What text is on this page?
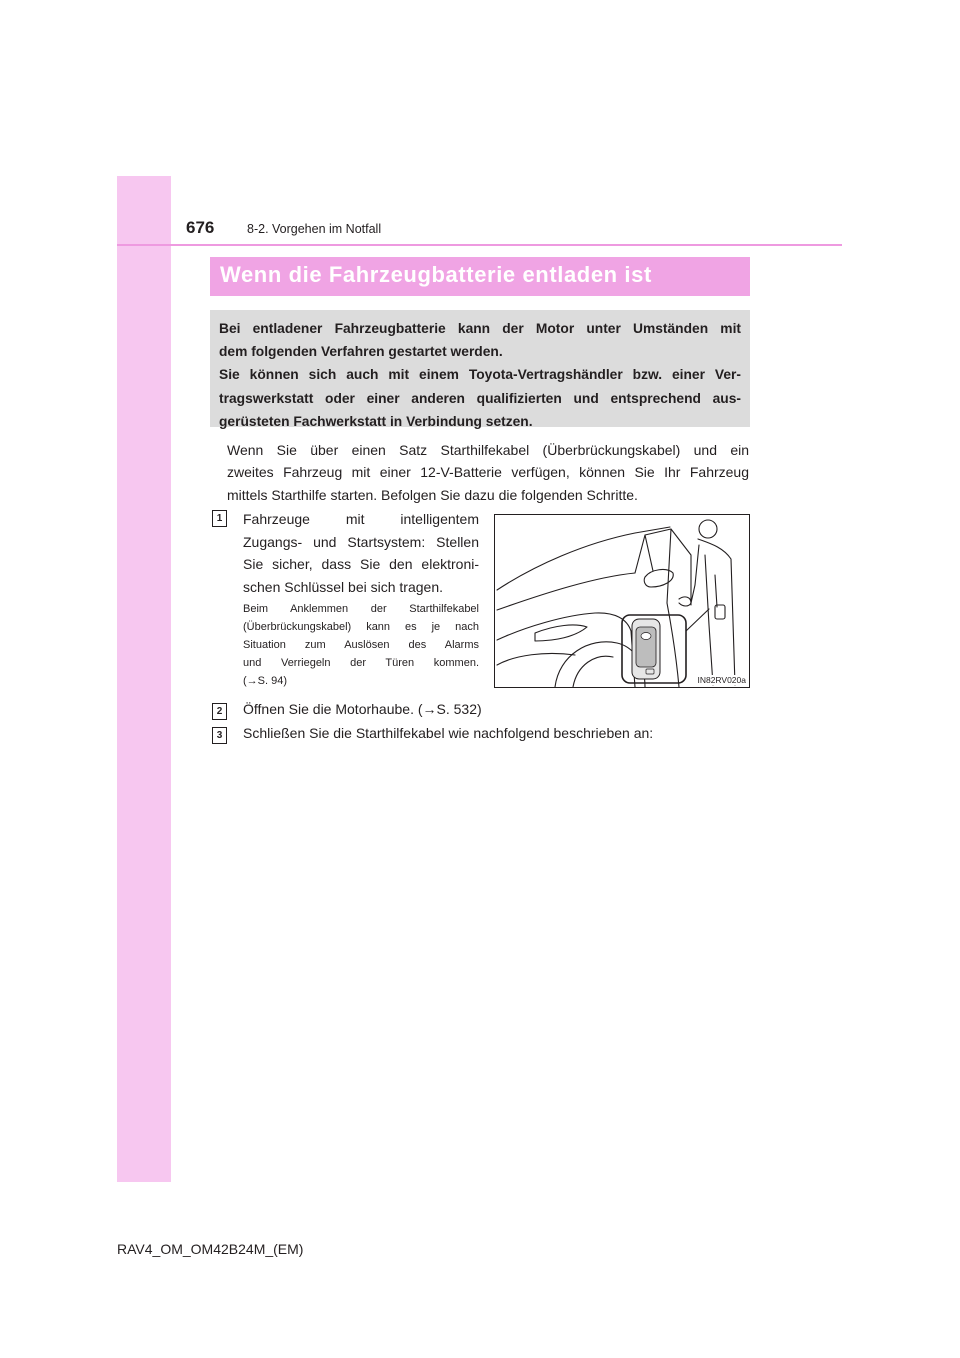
676	8-2. Vorgehen im Notfall
Wenn die Fahrzeugbatterie entladen ist
Bei entladener Fahrzeugbatterie kann der Motor unter Umständen mit
dem folgenden Verfahren gestartet werden.
Sie können sich auch mit einem Toyota-Vertragshändler bzw. einer Ver-
tragswerkstatt oder einer anderen qualifizierten und entsprechend aus-
gerüsteten Fachwerkstatt in Verbindung setzen.
Wenn Sie über einen Satz Starthilfekabel (Überbrückungskabel) und ein
zweites Fahrzeug mit einer 12-V-Batterie verfügen, können Sie Ihr Fahrzeug
mittels Starthilfe starten. Befolgen Sie dazu die folgenden Schritte.
1	Fahrzeuge mit intelligentem
Zugangs- und Startsystem: Stellen
Sie sicher, dass Sie den elektroni-
schen Schlüssel bei sich tragen.
Beim Anklemmen der Starthilfekabel
(Überbrückungskabel) kann es je nach
Situation zum Auslösen des Alarms
und Verriegeln der Türen kommen.
(→S. 94)	IN82RV020a
2	Öffnen Sie die Motorhaube. (→S. 532)
3	Schließen Sie die Starthilfekabel wie nachfolgend beschrieben an:
RAV4_OM_OM42B24M_(EM)
